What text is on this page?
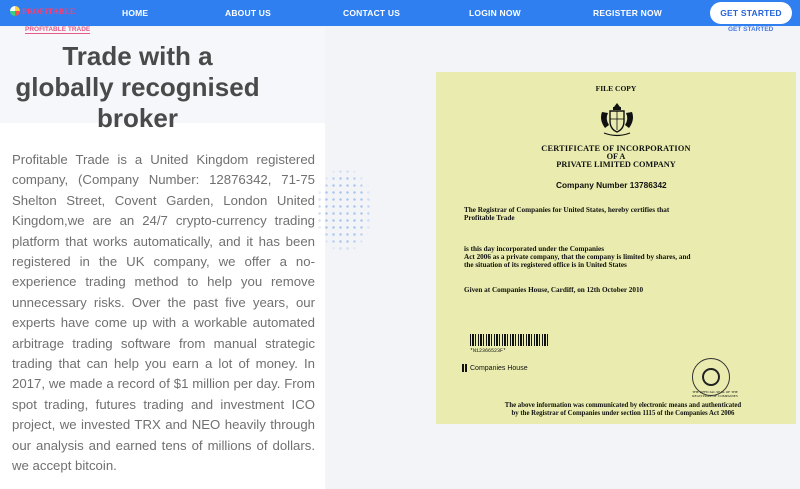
PROFITABLE	HOME	ABOUT US	CONTACT US	LOGIN NOW	REGISTER NOW	GET STARTED
PROFITABLE TRADE	GET STARTED
Trade with a
globally recognised
broker

Profitable Trade is a United Kingdom registered company, (Company Number: 12876342, 71-75 Shelton Street, Covent Garden, London United Kingdom,we are an 24/7 crypto-currency trading platform that works automatically, and it has been registered in the UK company, we offer a no-experience trading method to help you remove unnecessary risks. Over the past five years, our experts have come up with a workable automated arbitrage trading software from manual strategic trading that can help you earn a lot of money. In 2017, we made a record of $1 million per day. From spot trading, futures trading and investment ICO project, we invested TRX and NEO heavily through our analysis and earned tens of millions of dollars. we accept bitcoin.

FILE COPY
CERTIFICATE OF INCORPORATION
OF A
PRIVATE LIMITED COMPANY
Company Number 13786342
The Registrar of Companies for United States, hereby certifies that
Profitable Trade
is this day incorporated under the Companies
Act 2006 as a private company, that the company is limited by shares, and
the situation of its registered office is in United States
Given at Companies House, Cardiff, on 12th October 2010
*N12366523F*
Companies House
THE OFFICIAL SEAL OF THE
REGISTRAR OF COMPANIES
The above information was communicated by electronic means and authenticated
by the Registrar of Companies under section 1115 of the Companies Act 2006
